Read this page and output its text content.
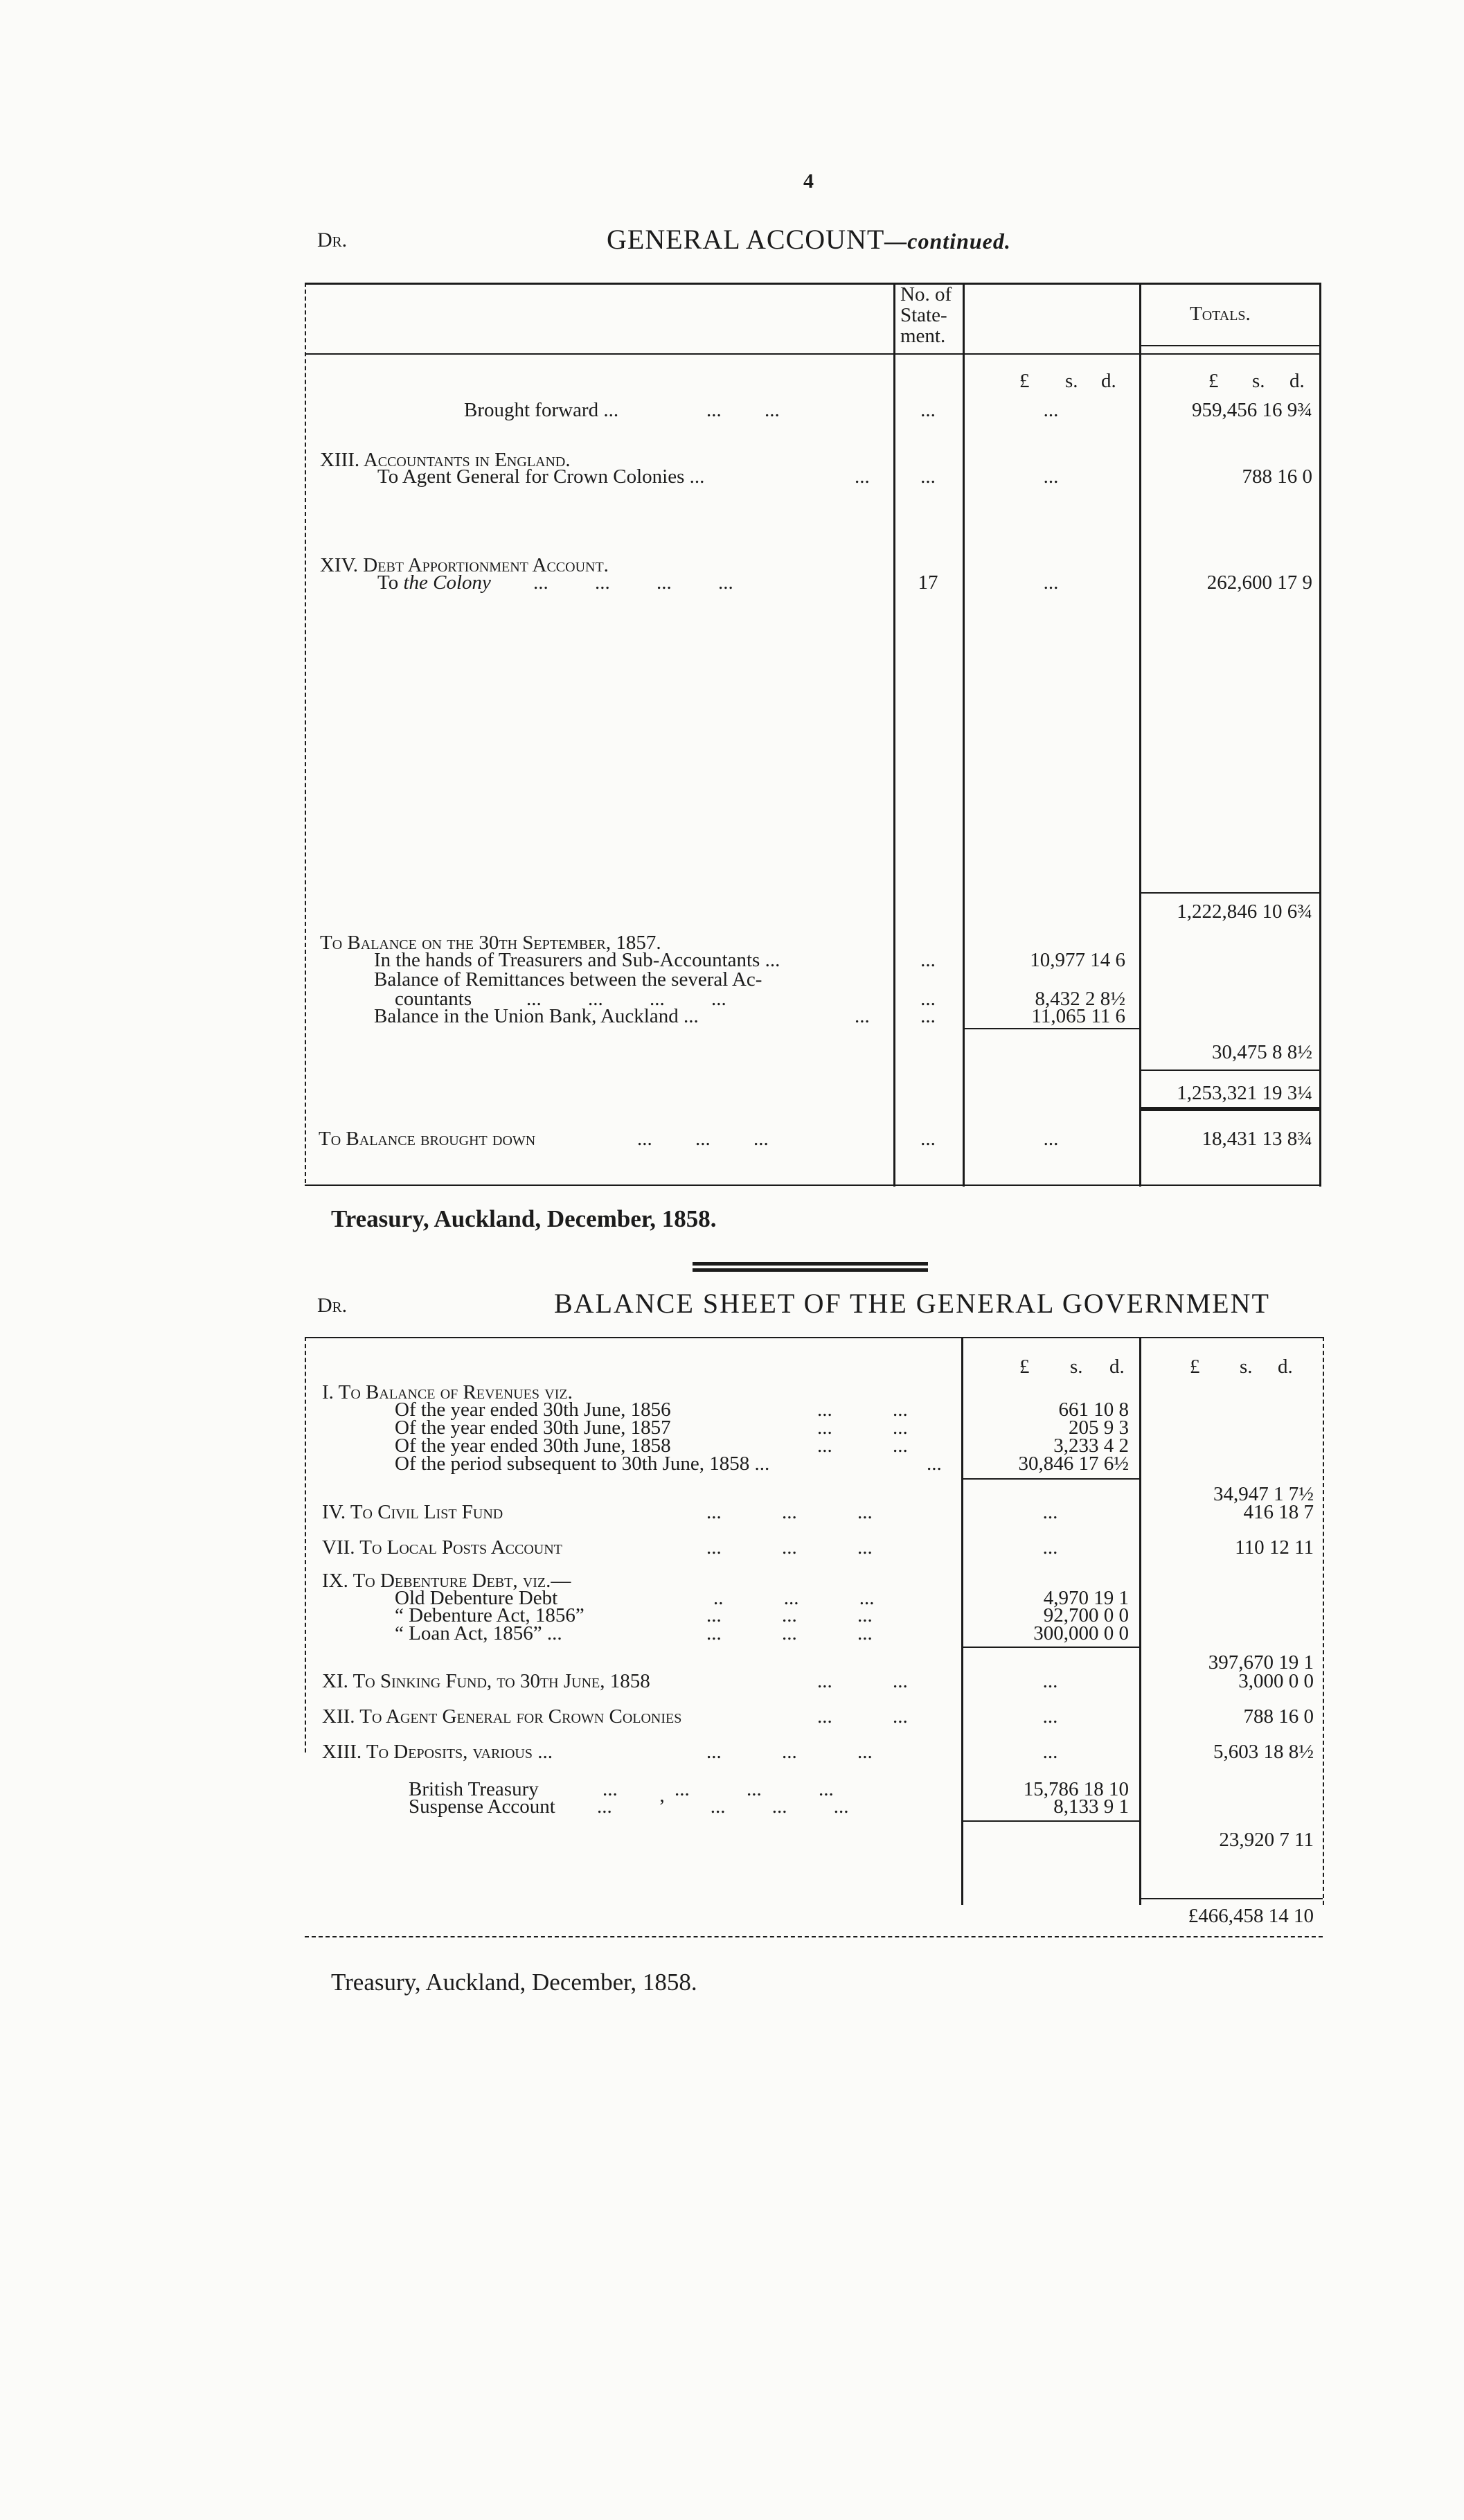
4
Dr.	GENERAL ACCOUNT—continued.
No. of
State-
ment.
Totals.
£ s. d.	£ s. d.
Brought forward ...	... ...	...	...	959,456 16 9¾
XIII. Accountants in England.
To Agent General for Crown Colonies ...	...	...	...	788 16 0
XIV. Debt Apportionment Account.
To the Colony ... ... ... ...	17	...	262,600 17 9
1,222,846 10 6¾
To Balance on the 30th September, 1857.
In the hands of Treasurers and Sub-Accountants ...	...	10,977 14 6
Balance of Remittances between the several Ac-
countants	... ... ... ...	...	8,432 2 8½
Balance in the Union Bank, Auckland ...	...	...	11,065 11 6
30,475 8 8½
1,253,321 19 3¼
To Balance brought down	... ... ...	...	...	18,431 13 8¾
Treasury, Auckland, December, 1858.
Dr.	BALANCE SHEET OF THE GENERAL GOVERNMENT
£ s. d.	£ s. d.
I. To Balance of Revenues viz.
Of the year ended 30th June, 1856	... ...	661 10 8
Of the year ended 30th June, 1857	... ...	205 9 3
Of the year ended 30th June, 1858	... ...	3,233 4 2
Of the period subsequent to 30th June, 1858 ...	...	30,846 17 6½
34,947 1 7½
IV. To Civil List Fund	... ... ...	...	416 18 7
VII. To Local Posts Account	... ... ...	...	110 12 11
IX. To Debenture Debt, viz.—
Old Debenture Debt	.. ... ...	4,970 19 1
“ Debenture Act, 1856”	... ... ...	92,700 0 0
“ Loan Act, 1856” ...	... ... ...	300,000 0 0
397,670 19 1
XI. To Sinking Fund, to 30th June, 1858	... ...	...	3,000 0 0
XII. To Agent General for Crown Colonies	... ...	...	788 16 0
XIII. To Deposits, various ...	... ... ...	...	5,603 18 8½
British Treasury	... ... ... ...	15,786 18 10
Suspense Account ... ’ ... ... ...	8,133 9 1
23,920 7 11
£466,458 14 10
Treasury, Auckland, December, 1858.
